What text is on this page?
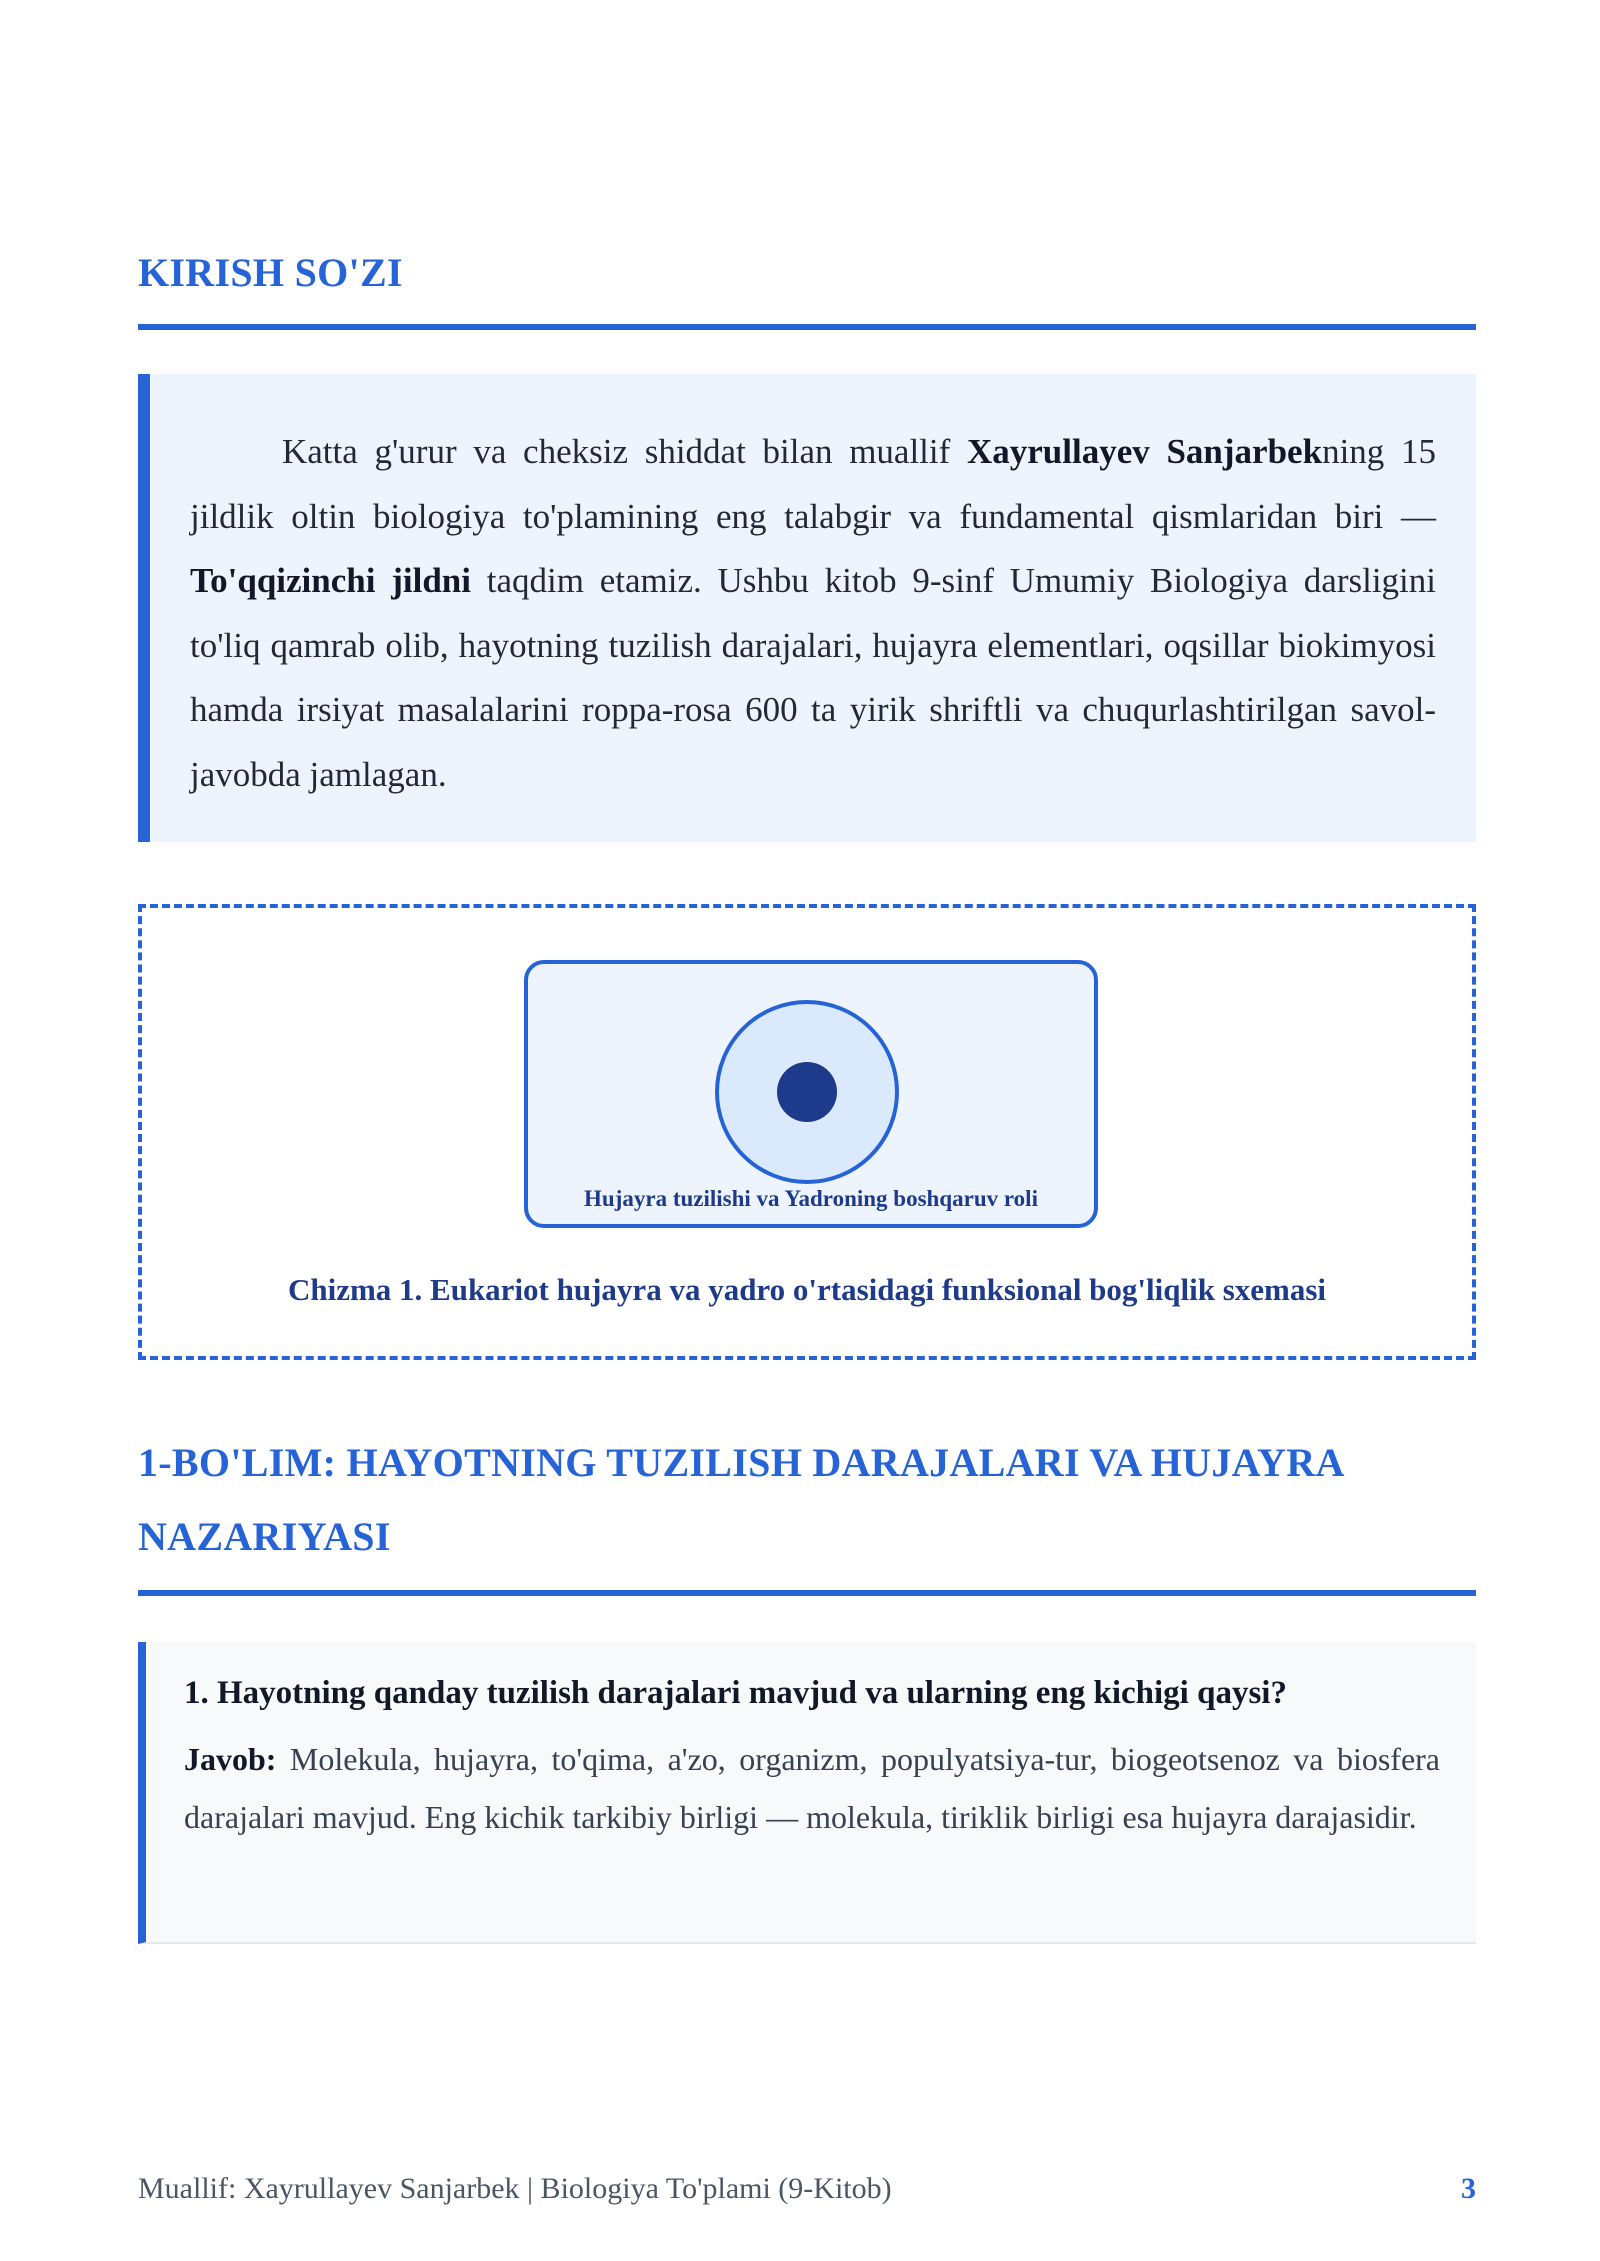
KIRISH SO'ZI

Katta g'urur va cheksiz shiddat bilan muallif Xayrullayev Sanjarbekning 15 jildlik oltin biologiya to'plamining eng talabgir va fundamental qismlaridan biri — To'qqizinchi jildni taqdim etamiz. Ushbu kitob 9-sinf Umumiy Biologiya darsligini to'liq qamrab olib, hayotning tuzilish darajalari, hujayra elementlari, oqsillar biokimyosi hamda irsiyat masalalarini roppa-rosa 600 ta yirik shriftli va chuqurlashtirilgan savol-javobda jamlagan.

Hujayra tuzilishi va Yadroning boshqaruv roli
Chizma 1. Eukariot hujayra va yadro o'rtasidagi funksional bog'liqlik sxemasi
1-BO'LIM: HAYOTNING TUZILISH DARAJALARI VA HUJAYRA NAZARIYASI

1. Hayotning qanday tuzilish darajalari mavjud va ularning eng kichigi qaysi?

Javob: Molekula, hujayra, to'qima, a'zo, organizm, populyatsiya-tur, biogeotsenoz va biosfera darajalari mavjud. Eng kichik tarkibiy birligi — molekula, tiriklik birligi esa hujayra darajasidir.

Muallif: Xayrullayev Sanjarbek | Biologiya To'plami (9-Kitob)	3
